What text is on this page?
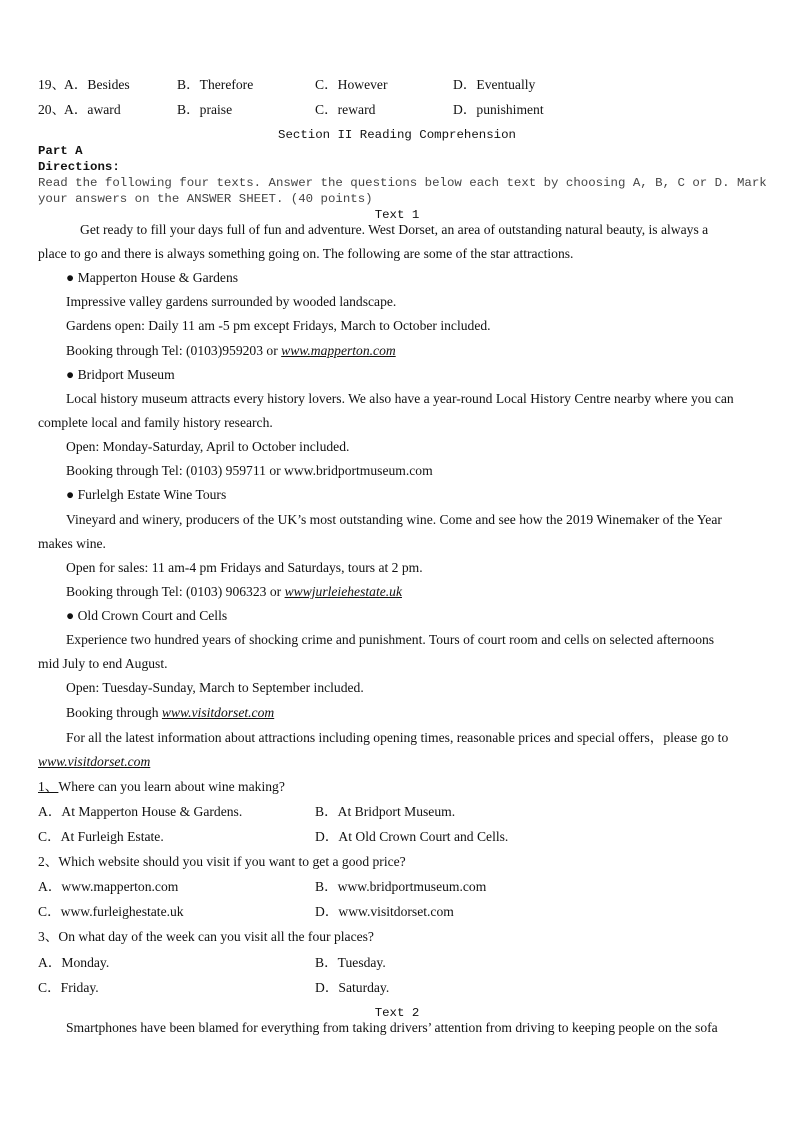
19、
A．Besides	B．Therefore	C．However	D．Eventually
20、
A．award	B．praise	C．reward	D．punishiment
Section II Reading Comprehension
Part A
Directions:
Read the following four texts. Answer the questions below each text by choosing A, B, C or D. Mark
your answers on the ANSWER SHEET. (40 points)
Text 1
Get ready to fill your days full of fun and adventure. West Dorset, an area of outstanding natural beauty, is always a
place to go and there is always something going on. The following are some of the star attractions.
● Mapperton House & Gardens
Impressive valley gardens surrounded by wooded landscape.
Gardens open: Daily 11 am -5 pm except Fridays, March to October included.
Booking through Tel: (0103)959203 or www.mapperton.com
● Bridport Museum
Local history museum attracts every history lovers. We also have a year-round Local History Centre nearby where you can
complete local and family history research.
Open: Monday-Saturday, April to October included.
Booking through Tel: (0103) 959711 or www.bridportmuseum.com
● Furlelgh Estate Wine Tours
Vineyard and winery, producers of the UK’s most outstanding wine. Come and see how the 2019 Winemaker of the Year
makes wine.
Open for sales: 11 am-4 pm Fridays and Saturdays, tours at 2 pm.
Booking through Tel: (0103) 906323 or wwwjurleiehestate.uk
● Old Crown Court and Cells
Experience two hundred years of shocking crime and punishment. Tours of court room and cells on selected afternoons
mid July to end August.
Open: Tuesday-Sunday, March to September included.
Booking through www.visitdorset.com
For all the latest information about attractions including opening times, reasonable prices and special offers，please go to
www.visitdorset.com
1、Where can you learn about wine making?
A．At Mapperton House & Gardens.	B．At Bridport Museum.
C．At Furleigh Estate.	D．At Old Crown Court and Cells.
2、Which website should you visit if you want to get a good price?
A．www.mapperton.com	B．www.bridportmuseum.com
C．www.furleighestate.uk	D．www.visitdorset.com
3、On what day of the week can you visit all the four places?
A．Monday.	B．Tuesday.
C．Friday.	D．Saturday.
Text 2
Smartphones have been blamed for everything from taking drivers’ attention from driving to keeping people on the sofa
